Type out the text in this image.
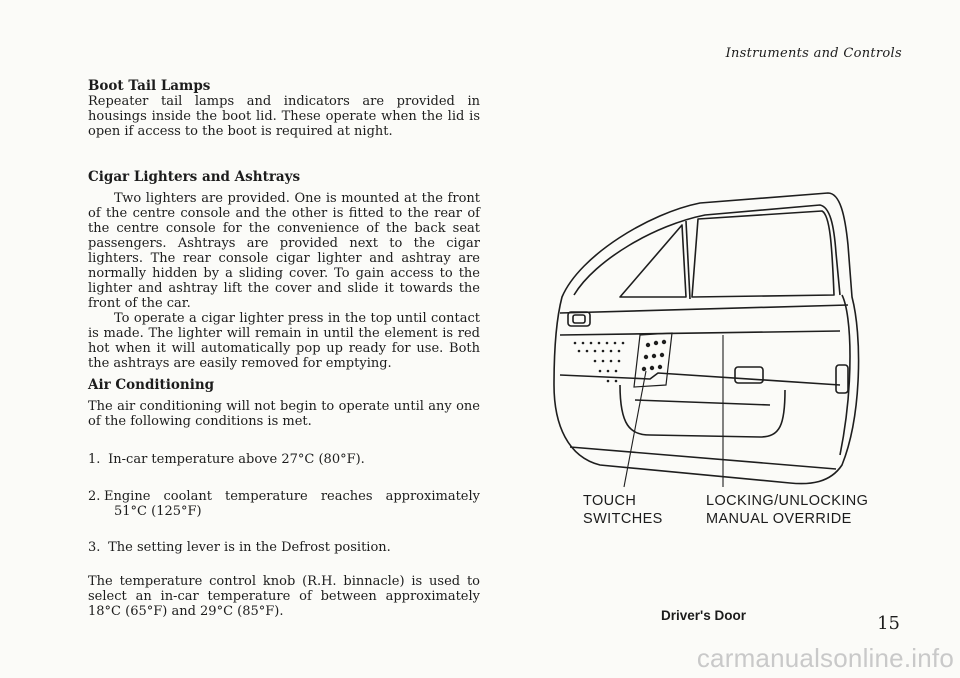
Instruments and Controls

Boot Tail Lamps

Repeater tail lamps and indicators are provided in housings inside the boot lid. These operate when the lid is open if access to the boot is required at night.

Cigar Lighters and Ashtrays

Two lighters are provided. One is mounted at the front of the centre console and the other is fitted to the rear of the centre console for the convenience of the back seat passengers. Ashtrays are provided next to the cigar lighters. The rear console cigar lighter and ashtray are normally hidden by a sliding cover. To gain access to the lighter and ashtray lift the cover and slide it towards the front of the car.

To operate a cigar lighter press in the top until contact is made. The lighter will remain in until the element is red hot when it will automatically pop up ready for use. Both the ashtrays are easily removed for emptying.

Air Conditioning

The air conditioning will not begin to operate until any one of the following conditions is met.

1. In-car temperature above 27°C (80°F).
2. Engine coolant temperature reaches approximately
51°C (125°F)
3. The setting lever is in the Defrost position.

The temperature control knob (R.H. binnacle) is used to select an in-car temperature of between approximately 18°C (65°F) and 29°C (85°F).

TOUCH
SWITCHES
LOCKING/UNLOCKING
MANUAL OVERRIDE
Driver's Door	15
carmanualsonline.info
